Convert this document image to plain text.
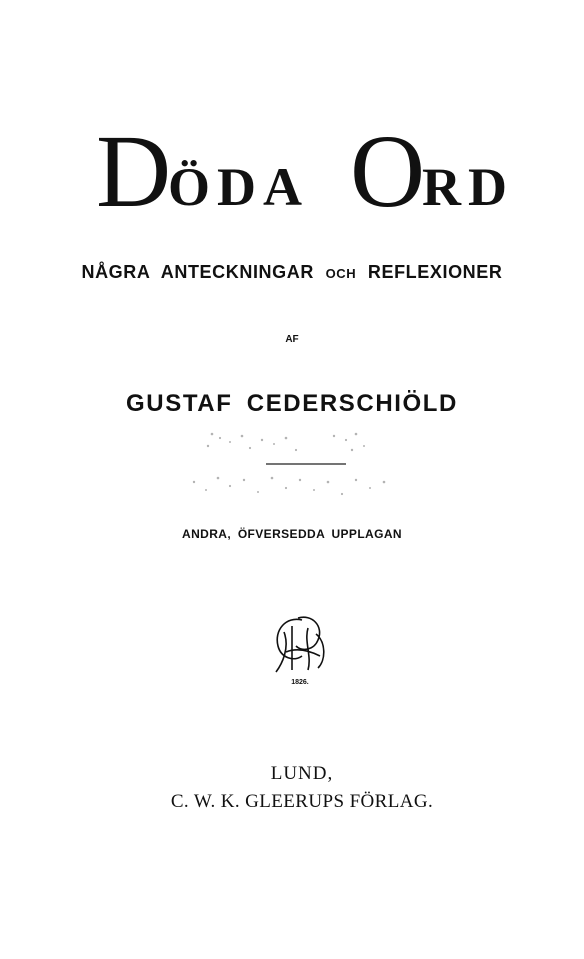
D
ÖDA O
RD
NÅGRA ANTECKNINGAR OCH REFLEXIONER
AF
GUSTAF CEDERSCHIÖLD
ANDRA, ÖFVERSEDDA UPPLAGAN
1826.
LUND,
C. W. K. GLEERUPS FÖRLAG.
